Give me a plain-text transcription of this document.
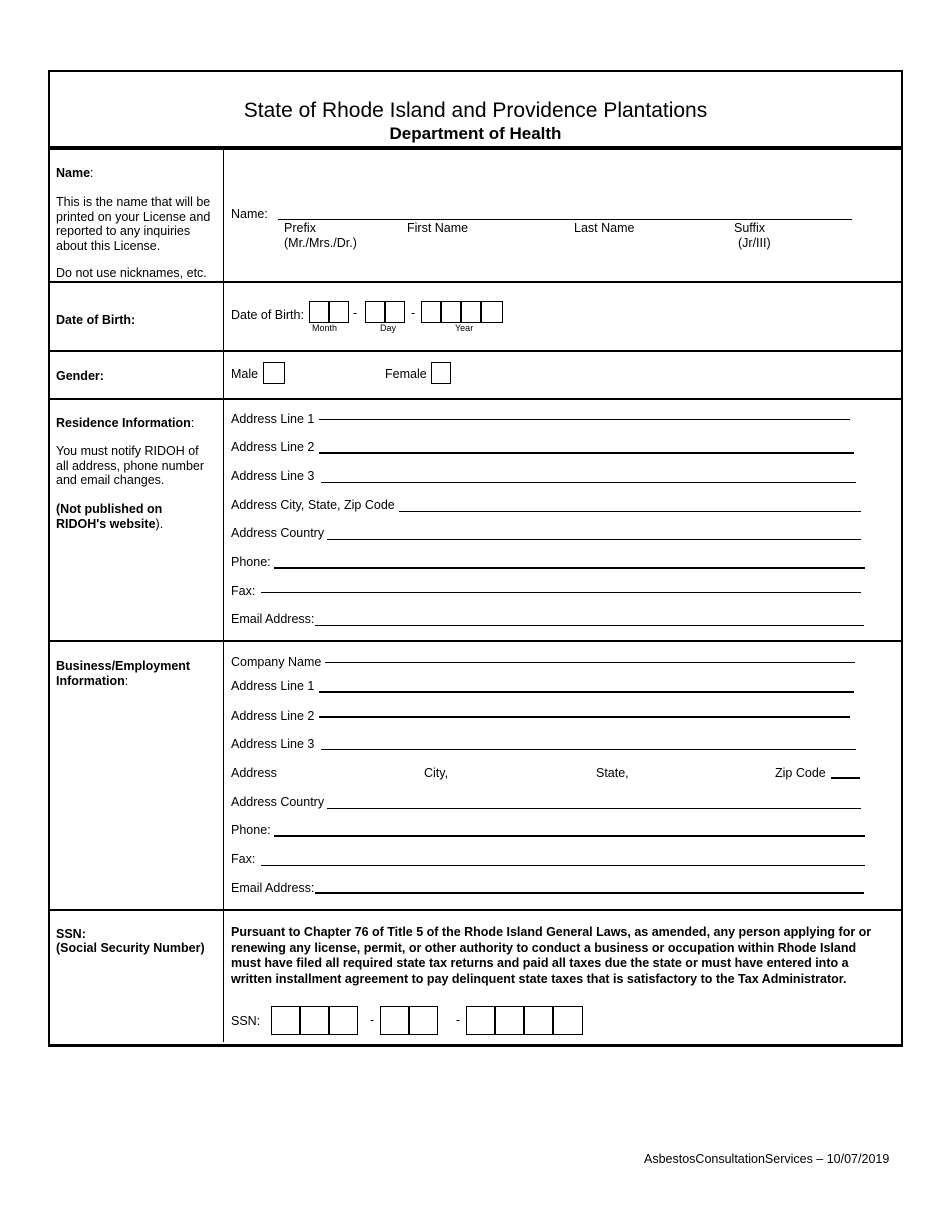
State of Rhode Island and Providence Plantations
Department of Health
Name:
This is the name that will be printed on your License and reported to any inquiries about this License.
Do not use nicknames, etc.
Name:
Prefix
(Mr./Mrs./Dr.)
First Name	Last Name	Suffix
(Jr/III)
Date of Birth:	Date of Birth:	-	-
Month	Day	Year
Gender:	Male	Female
Residence Information:
You must notify RIDOH of all address, phone number and email changes.
(Not published on RIDOH's website).
Address Line 1
Address Line 2
Address Line 3
Address City, State, Zip Code
Address Country
Phone:
Fax:
Email Address:
Business/Employment Information:
Company Name
Address Line 1
Address Line 2
Address Line 3
Address	City,	State,	Zip Code
Address Country
Phone:
Fax:
Email Address:
SSN:
(Social Security Number)
Pursuant to Chapter 76 of Title 5 of the Rhode Island General Laws, as amended, any person applying for or renewing any license, permit, or other authority to conduct a business or occupation within Rhode Island must have filed all required state tax returns and paid all taxes due the state or must have entered into a written installment agreement to pay delinquent state taxes that is satisfactory to the Tax Administrator.
SSN:	-	-
AsbestosConsultationServices – 10/07/2019
